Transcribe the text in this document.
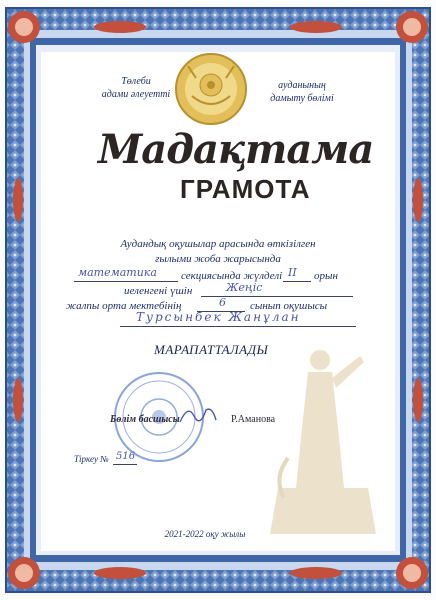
Төлеби
адами әлеуетті
ауданының
дамыту бөлімі
Мадақтама
ГРАМОТА
Аудандық оқушылар арасында өткізілген
ғылыми жоба жарысында
математика секциясында жүлделі II орын
иеленгені үшін	Жеңіс
жалпы орта мектебінің	6 сынып оқушысы
Турсынбек Жанұлан
МАРАПАТТАЛАДЫ
Бөлім басшысы	Р.Аманова
Тіркеу № 516
2021-2022 оқу жылы
